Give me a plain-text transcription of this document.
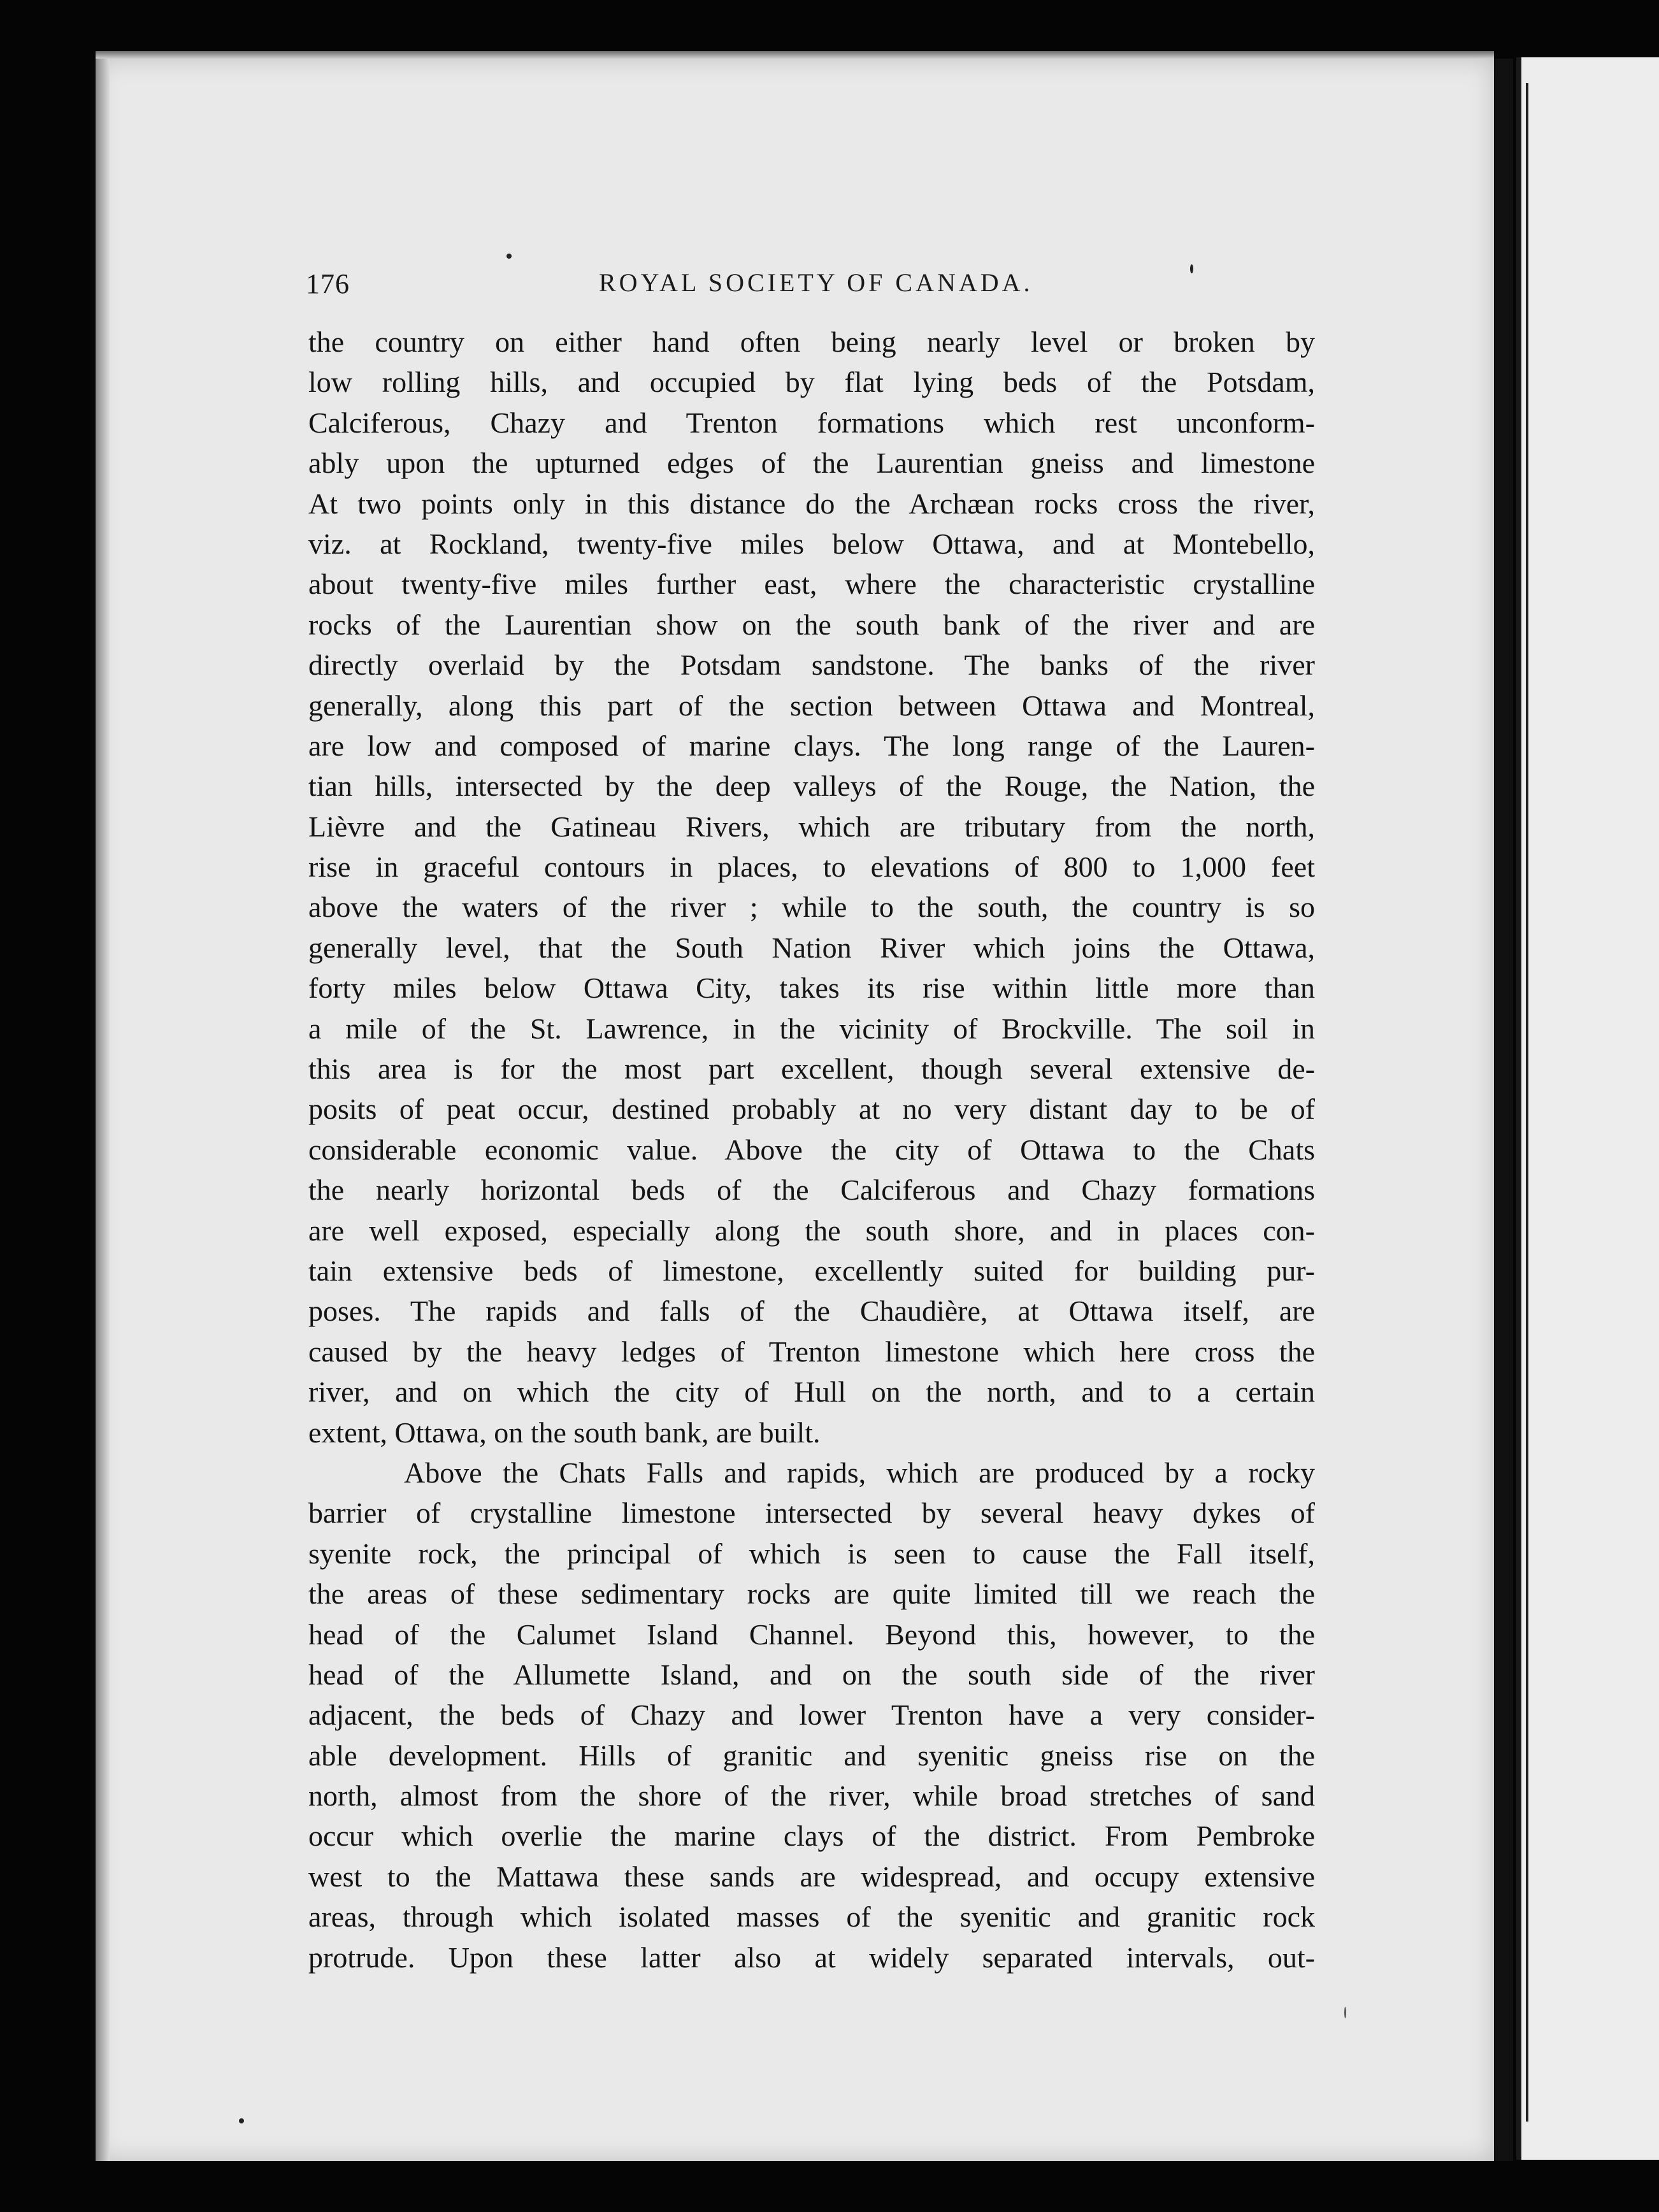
176	ROYAL SOCIETY OF CANADA.
the country on either hand often being nearly level or broken by
low rolling hills, and occupied by flat lying beds of the Potsdam,
Calciferous, Chazy and Trenton formations which rest unconform-
ably upon the upturned edges of the Laurentian gneiss and limestone
At two points only in this distance do the Archæan rocks cross the river,
viz. at Rockland, twenty-five miles below Ottawa, and at Montebello,
about twenty-five miles further east, where the characteristic crystalline
rocks of the Laurentian show on the south bank of the river and are
directly overlaid by the Potsdam sandstone. The banks of the river
generally, along this part of the section between Ottawa and Montreal,
are low and composed of marine clays. The long range of the Lauren-
tian hills, intersected by the deep valleys of the Rouge, the Nation, the
Lièvre and the Gatineau Rivers, which are tributary from the north,
rise in graceful contours in places, to elevations of 800 to 1,000 feet
above the waters of the river ; while to the south, the country is so
generally level, that the South Nation River which joins the Ottawa,
forty miles below Ottawa City, takes its rise within little more than
a mile of the St. Lawrence, in the vicinity of Brockville. The soil in
this area is for the most part excellent, though several extensive de-
posits of peat occur, destined probably at no very distant day to be of
considerable economic value. Above the city of Ottawa to the Chats
the nearly horizontal beds of the Calciferous and Chazy formations
are well exposed, especially along the south shore, and in places con-
tain extensive beds of limestone, excellently suited for building pur-
poses. The rapids and falls of the Chaudière, at Ottawa itself, are
caused by the heavy ledges of Trenton limestone which here cross the
river, and on which the city of Hull on the north, and to a certain
extent, Ottawa, on the south bank, are built.
Above the Chats Falls and rapids, which are produced by a rocky
barrier of crystalline limestone intersected by several heavy dykes of
syenite rock, the principal of which is seen to cause the Fall itself,
the areas of these sedimentary rocks are quite limited till we reach the
head of the Calumet Island Channel. Beyond this, however, to the
head of the Allumette Island, and on the south side of the river
adjacent, the beds of Chazy and lower Trenton have a very consider-
able development. Hills of granitic and syenitic gneiss rise on the
north, almost from the shore of the river, while broad stretches of sand
occur which overlie the marine clays of the district. From Pembroke
west to the Mattawa these sands are widespread, and occupy extensive
areas, through which isolated masses of the syenitic and granitic rock
protrude. Upon these latter also at widely separated intervals, out-
